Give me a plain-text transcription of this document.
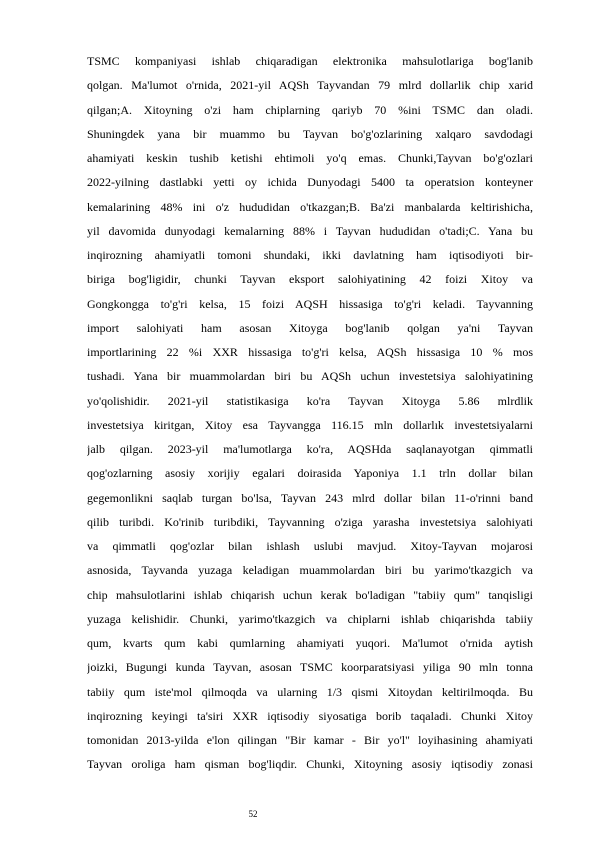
TSMC kompaniyasi ishlab chiqaradigan elektronika mahsulotlariga bog'lanib
qolgan. Ma'lumot o'rnida, 2021-yil AQSh Tayvandan 79 mlrd dollarlik chip xarid
qilgan;A. Xitoyning o'zi ham chiplarning qariyb 70 %ini TSMC dan oladi.
Shuningdek yana bir muammo bu Tayvan bo'g'ozlarining xalqaro savdodagi
ahamiyati keskin tushib ketishi ehtimoli yo'q emas. Chunki,Tayvan bo'g'ozlari
2022-yilning dastlabki yetti oy ichida Dunyodagi 5400 ta operatsion konteyner
kemalarining 48% ini o'z hududidan o'tkazgan;B. Ba'zi manbalarda keltirishicha,
yil davomida dunyodagi kemalarning 88% i Tayvan hududidan o'tadi;C. Yana bu
inqirozning ahamiyatli tomoni shundaki, ikki davlatning ham iqtisodiyoti bir-
biriga bog'ligidir, chunki Tayvan eksport salohiyatining 42 foizi Xitoy va
Gongkongga to'g'ri kelsa, 15 foizi AQSH hissasiga to'g'ri keladi. Tayvanning
import salohiyati ham asosan Xitoyga bog'lanib qolgan ya'ni Tayvan
importlarining 22 %i XXR hissasiga to'g'ri kelsa, AQSh hissasiga 10 % mos
tushadi. Yana bir muammolardan biri bu AQSh uchun investetsiya salohiyatining
yo'qolishidir. 2021-yil statistikasiga ko'ra Tayvan Xitoyga 5.86 mlrdlik
investetsiya kiritgan, Xitoy esa Tayvangga 116.15 mln dollarlık investetsiyalarni
jalb qilgan. 2023-yil ma'lumotlarga ko'ra, AQSHda saqlanayotgan qimmatli
qog'ozlarning asosiy xorijiy egalari doirasida Yaponiya 1.1 trln dollar bilan
gegemonlikni saqlab turgan bo'lsa, Tayvan 243 mlrd dollar bilan 11-o'rinni band
qilib turibdi. Ko'rinib turibdiki, Tayvanning o'ziga yarasha investetsiya salohiyati
va qimmatli qog'ozlar bilan ishlash uslubi mavjud. Xitoy-Tayvan mojarosi
asnosida, Tayvanda yuzaga keladigan muammolardan biri bu yarimo'tkazgich va
chip mahsulotlarini ishlab chiqarish uchun kerak bo'ladigan "tabiiy qum" tanqisligi
yuzaga kelishidir. Chunki, yarimo'tkazgich va chiplarni ishlab chiqarishda tabiiy
qum, kvarts qum kabi qumlarning ahamiyati yuqori. Ma'lumot o'rnida aytish
joizki, Bugungi kunda Tayvan, asosan TSMC koorparatsiyasi yiliga 90 mln tonna
tabiiy qum iste'mol qilmoqda va ularning 1/3 qismi Xitoydan keltirilmoqda. Bu
inqirozning keyingi ta'siri XXR iqtisodiy siyosatiga borib taqaladi. Chunki Xitoy
tomonidan 2013-yilda e'lon qilingan "Bir kamar - Bir yo'l" loyihasining ahamiyati
Tayvan oroliga ham qisman bog'liqdir. Chunki, Xitoyning asosiy iqtisodiy zonasi
52
